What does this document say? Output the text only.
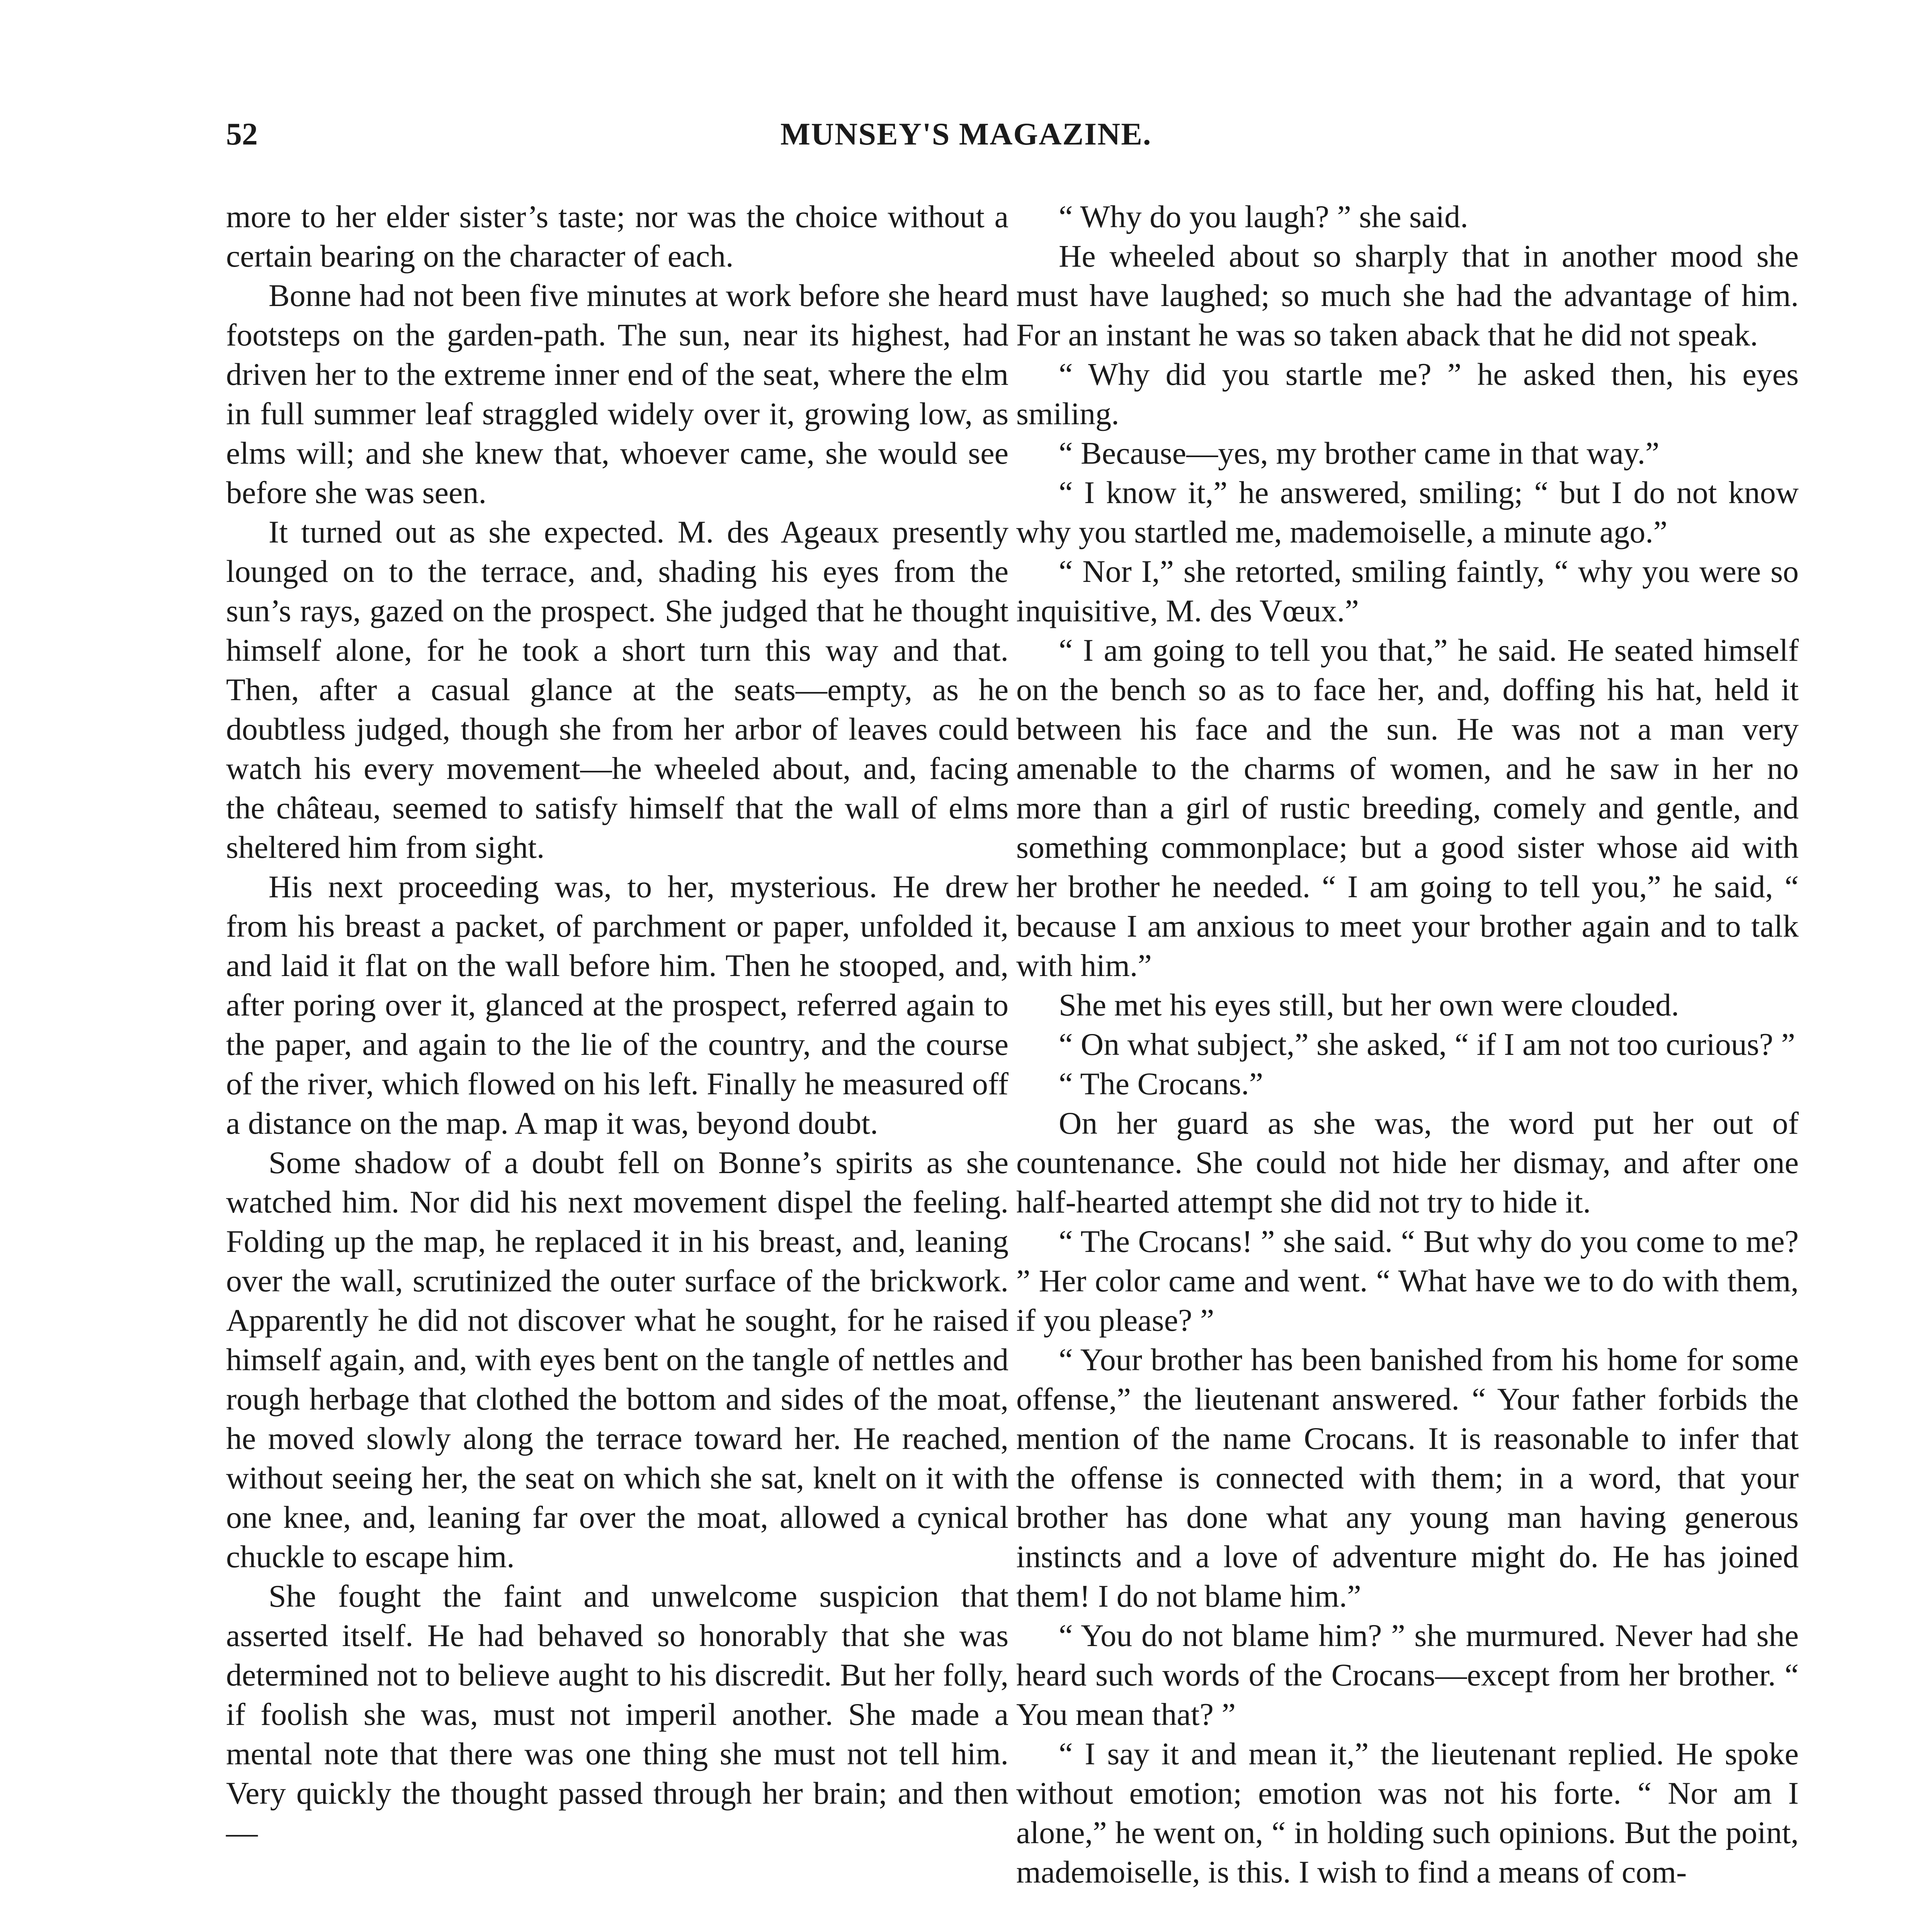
52	MUNSEY'S MAGAZINE.

more to her elder sister’s taste; nor was the choice without a certain bearing on the character of each.

Bonne had not been five minutes at work before she heard footsteps on the garden-path. The sun, near its highest, had driven her to the extreme inner end of the seat, where the elm in full summer leaf straggled widely over it, growing low, as elms will; and she knew that, whoever came, she would see before she was seen.

It turned out as she expected. M. des Ageaux presently lounged on to the terrace, and, shading his eyes from the sun’s rays, gazed on the prospect. She judged that he thought himself alone, for he took a short turn this way and that. Then, after a casual glance at the seats—empty, as he doubtless judged, though she from her arbor of leaves could watch his every movement—he wheeled about, and, facing the château, seemed to satisfy himself that the wall of elms sheltered him from sight.

His next proceeding was, to her, mysterious. He drew from his breast a packet, of parchment or paper, unfolded it, and laid it flat on the wall before him. Then he stooped, and, after poring over it, glanced at the prospect, referred again to the paper, and again to the lie of the country, and the course of the river, which flowed on his left. Finally he measured off a distance on the map. A map it was, beyond doubt.

Some shadow of a doubt fell on Bonne’s spirits as she watched him. Nor did his next movement dispel the feeling. Folding up the map, he replaced it in his breast, and, leaning over the wall, scrutinized the outer surface of the brickwork. Apparently he did not discover what he sought, for he raised himself again, and, with eyes bent on the tangle of nettles and rough herbage that clothed the bottom and sides of the moat, he moved slowly along the terrace toward her. He reached, without seeing her, the seat on which she sat, knelt on it with one knee, and, leaning far over the moat, allowed a cynical chuckle to escape him.

She fought the faint and unwelcome suspicion that asserted itself. He had behaved so honorably that she was determined not to believe aught to his discredit. But her folly, if foolish she was, must not imperil another. She made a mental note that there was one thing she must not tell him. Very quickly the thought passed through her brain; and then—

“ Why do you laugh? ” she said.

He wheeled about so sharply that in another mood she must have laughed; so much she had the advantage of him. For an instant he was so taken aback that he did not speak.

“ Why did you startle me? ” he asked then, his eyes smiling.

“ Because—yes, my brother came in that way.”

“ I know it,” he answered, smiling; “ but I do not know why you startled me, mademoiselle, a minute ago.”

“ Nor I,” she retorted, smiling faintly, “ why you were so inquisitive, M. des Vœux.”

“ I am going to tell you that,” he said. He seated himself on the bench so as to face her, and, doffing his hat, held it between his face and the sun. He was not a man very amenable to the charms of women, and he saw in her no more than a girl of rustic breeding, comely and gentle, and something commonplace; but a good sister whose aid with her brother he needed. “ I am going to tell you,” he said, “ because I am anxious to meet your brother again and to talk with him.”

She met his eyes still, but her own were clouded.

“ On what subject,” she asked, “ if I am not too curious? ”

“ The Crocans.”

On her guard as she was, the word put her out of countenance. She could not hide her dismay, and after one half-hearted attempt she did not try to hide it.

“ The Crocans! ” she said. “ But why do you come to me? ” Her color came and went. “ What have we to do with them, if you please? ”

“ Your brother has been banished from his home for some offense,” the lieutenant answered. “ Your father forbids the mention of the name Crocans. It is reasonable to infer that the offense is connected with them; in a word, that your brother has done what any young man having generous instincts and a love of adventure might do. He has joined them! I do not blame him.”

“ You do not blame him? ” she murmured. Never had she heard such words of the Crocans—except from her brother. “ You mean that? ”

“ I say it and mean it,” the lieutenant replied. He spoke without emotion; emotion was not his forte. “ Nor am I alone,” he went on, “ in holding such opinions. But the point, mademoiselle, is this. I wish to find a means of com-
